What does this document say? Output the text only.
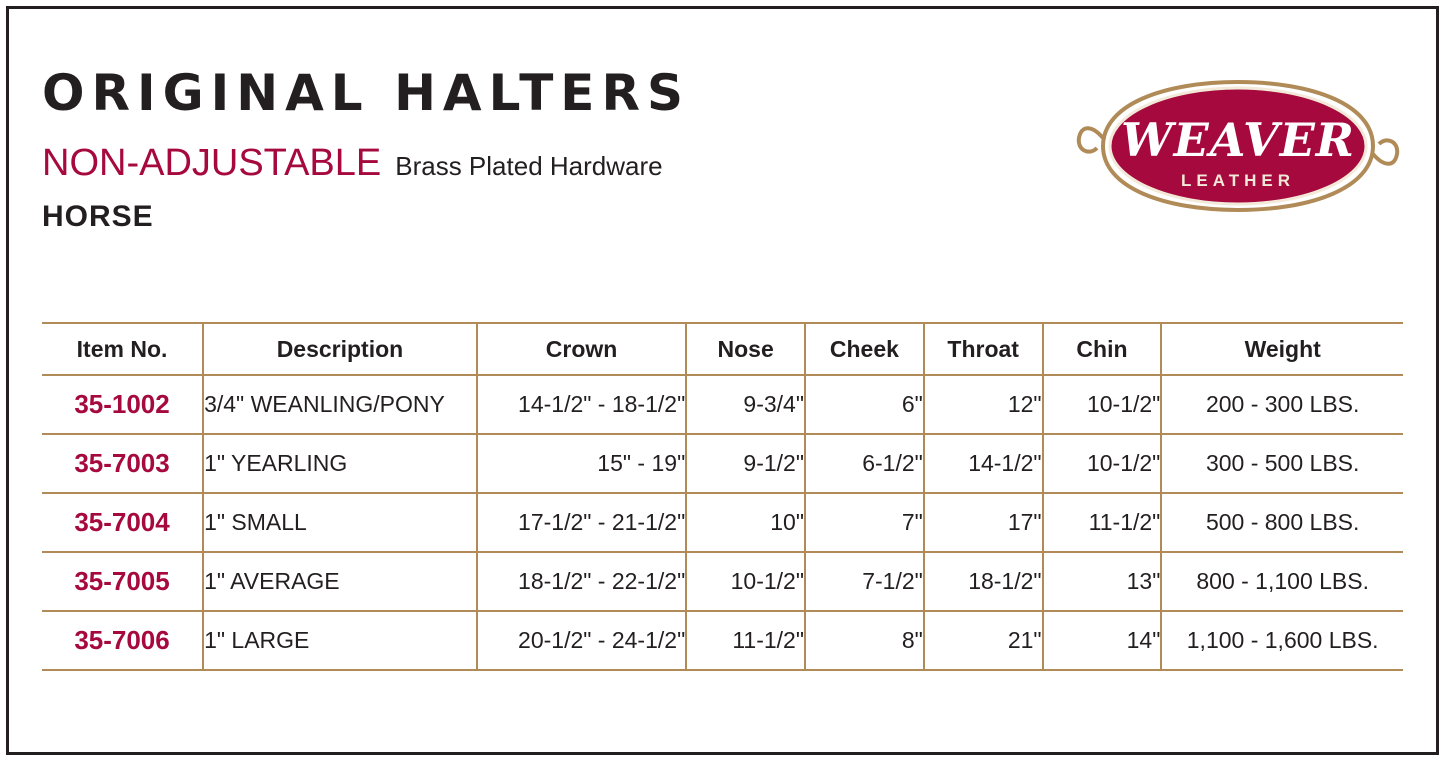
ORIGINAL HALTERS
NON-ADJUSTABLE Brass Plated Hardware
HORSE
WEAVER
LEATHER
Item No.	Description	Crown	Nose	Cheek	Throat	Chin	Weight
35-1002	3/4" WEANLING/PONY	14-1/2" - 18-1/2"	9-3/4"	6"	12"	10-1/2"	200 - 300 LBS.
35-7003	1" YEARLING	15" - 19"	9-1/2"	6-1/2"	14-1/2"	10-1/2"	300 - 500 LBS.
35-7004	1" SMALL	17-1/2" - 21-1/2"	10"	7"	17"	11-1/2"	500 - 800 LBS.
35-7005	1" AVERAGE	18-1/2" - 22-1/2"	10-1/2"	7-1/2"	18-1/2"	13"	800 - 1,100 LBS.
35-7006	1" LARGE	20-1/2" - 24-1/2"	11-1/2"	8"	21"	14"	1,100 - 1,600 LBS.
